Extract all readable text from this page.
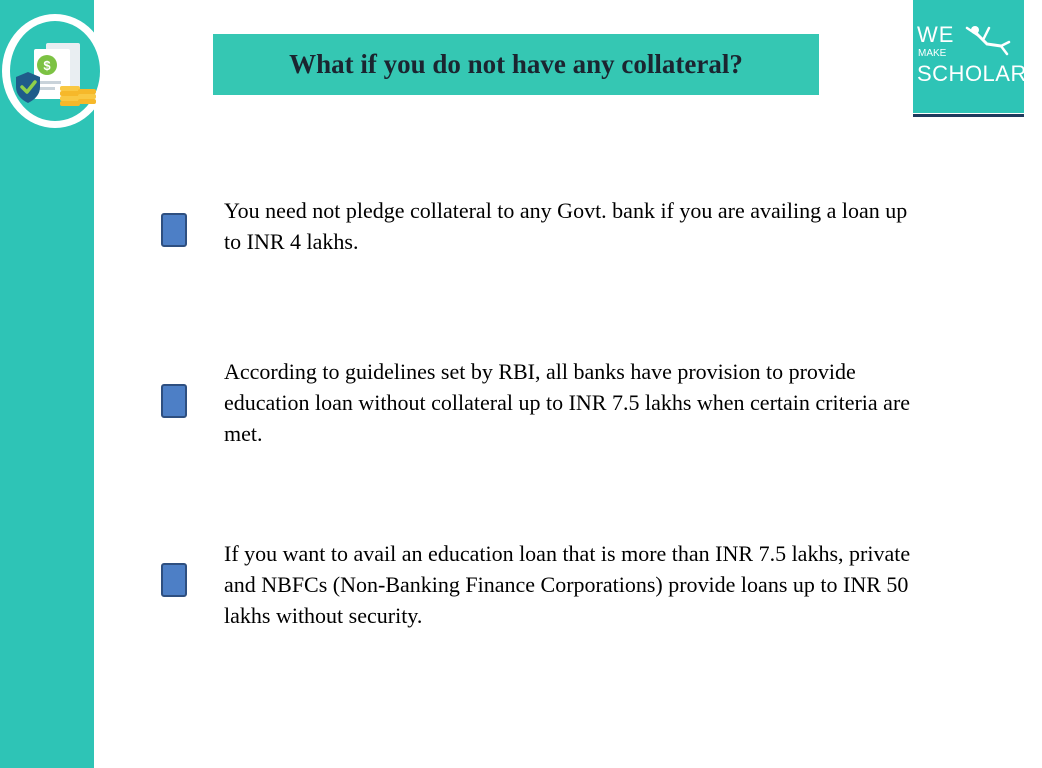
$	What if you do not have any collateral?
WE
MAKE
SCHOLARS
You need not pledge collateral to any Govt. bank if you are availing a loan up to INR 4 lakhs.
According to guidelines set by RBI, all banks have provision to provide education loan without collateral up to INR 7.5 lakhs when certain criteria are met.
If you want to avail an education loan that is more than INR 7.5 lakhs, private and NBFCs (Non-Banking Finance Corporations) provide loans up to INR 50 lakhs without security.
